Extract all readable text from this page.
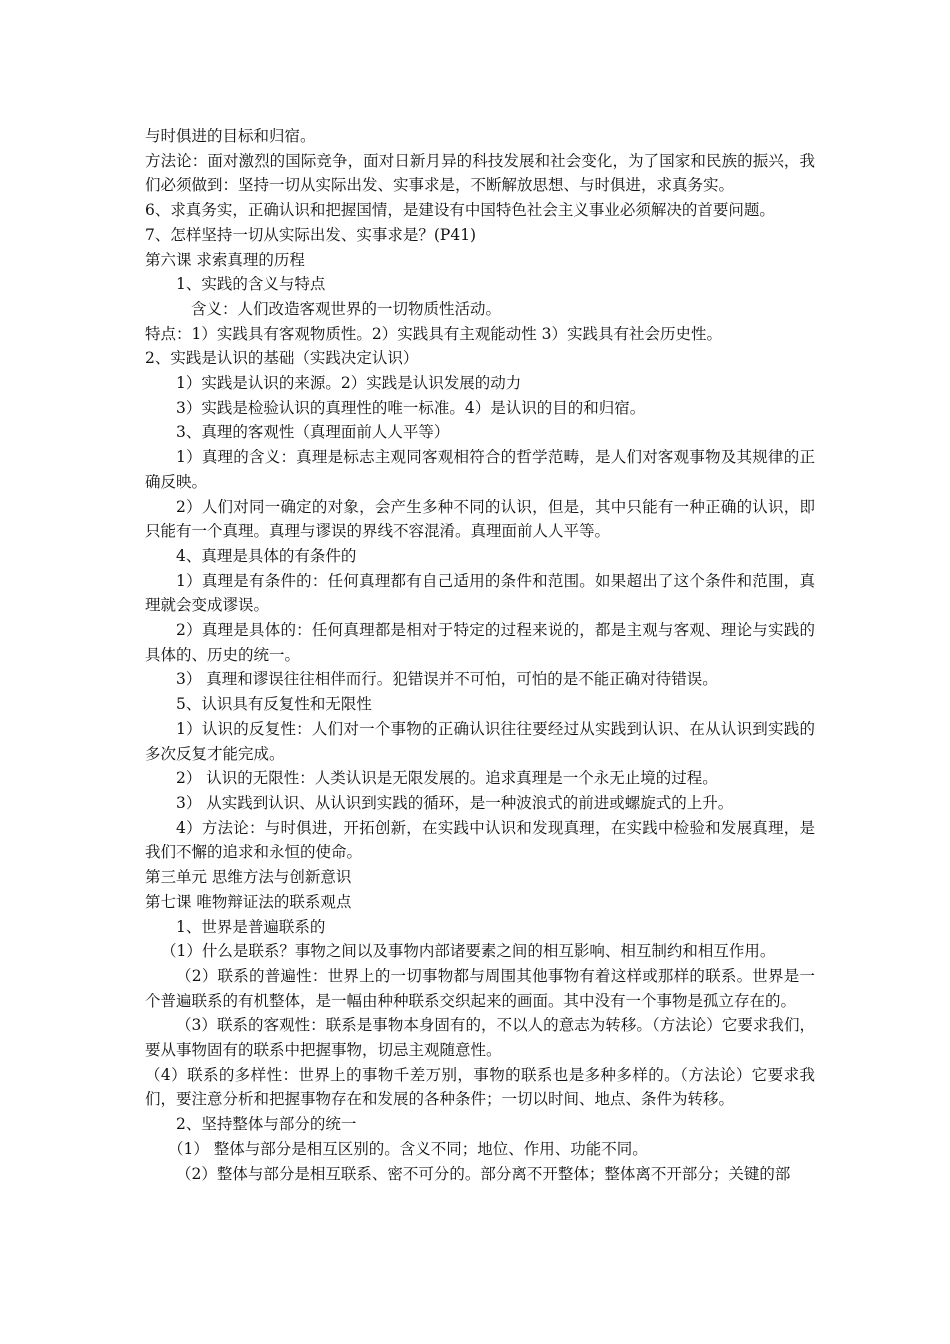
与时俱进的目标和归宿。

方法论：面对激烈的国际竞争，面对日新月异的科技发展和社会变化，为了国家和民族的振兴，我们必须做到：坚持一切从实际出发、实事求是，不断解放思想、与时俱进，求真务实。

6、求真务实，正确认识和把握国情，是建设有中国特色社会主义事业必须解决的首要问题。

7、怎样坚持一切从实际出发、实事求是？(P41)

第六课 求索真理的历程

1、实践的含义与特点

含义：人们改造客观世界的一切物质性活动。

特点：1）实践具有客观物质性。2）实践具有主观能动性 3）实践具有社会历史性。

2、实践是认识的基础（实践决定认识）

1）实践是认识的来源。2）实践是认识发展的动力

3）实践是检验认识的真理性的唯一标准。4）是认识的目的和归宿。

3、真理的客观性（真理面前人人平等）

1）真理的含义：真理是标志主观同客观相符合的哲学范畴，是人们对客观事物及其规律的正确反映。

2）人们对同一确定的对象，会产生多种不同的认识，但是，其中只能有一种正确的认识，即只能有一个真理。真理与谬误的界线不容混淆。真理面前人人平等。

4、真理是具体的有条件的

1）真理是有条件的：任何真理都有自己适用的条件和范围。如果超出了这个条件和范围，真理就会变成谬误。

2）真理是具体的：任何真理都是相对于特定的过程来说的，都是主观与客观、理论与实践的具体的、历史的统一。

3） 真理和谬误往往相伴而行。犯错误并不可怕，可怕的是不能正确对待错误。

5、认识具有反复性和无限性

1）认识的反复性：人们对一个事物的正确认识往往要经过从实践到认识、在从认识到实践的多次反复才能完成。

2） 认识的无限性：人类认识是无限发展的。追求真理是一个永无止境的过程。

3） 从实践到认识、从认识到实践的循环，是一种波浪式的前进或螺旋式的上升。

4）方法论：与时俱进，开拓创新，在实践中认识和发现真理，在实践中检验和发展真理，是我们不懈的追求和永恒的使命。

第三单元 思维方法与创新意识

第七课 唯物辩证法的联系观点

1、世界是普遍联系的

（1）什么是联系？事物之间以及事物内部诸要素之间的相互影响、相互制约和相互作用。

（2）联系的普遍性：世界上的一切事物都与周围其他事物有着这样或那样的联系。世界是一个普遍联系的有机整体，是一幅由种种联系交织起来的画面。其中没有一个事物是孤立存在的。

（3）联系的客观性：联系是事物本身固有的，不以人的意志为转移。（方法论）它要求我们，要从事物固有的联系中把握事物，切忌主观随意性。

（4）联系的多样性：世界上的事物千差万别，事物的联系也是多种多样的。（方法论）它要求我们，要注意分析和把握事物存在和发展的各种条件；一切以时间、地点、条件为转移。

2、坚持整体与部分的统一

（1） 整体与部分是相互区别的。含义不同；地位、作用、功能不同。

（2）整体与部分是相互联系、密不可分的。部分离不开整体；整体离不开部分；关键的部
